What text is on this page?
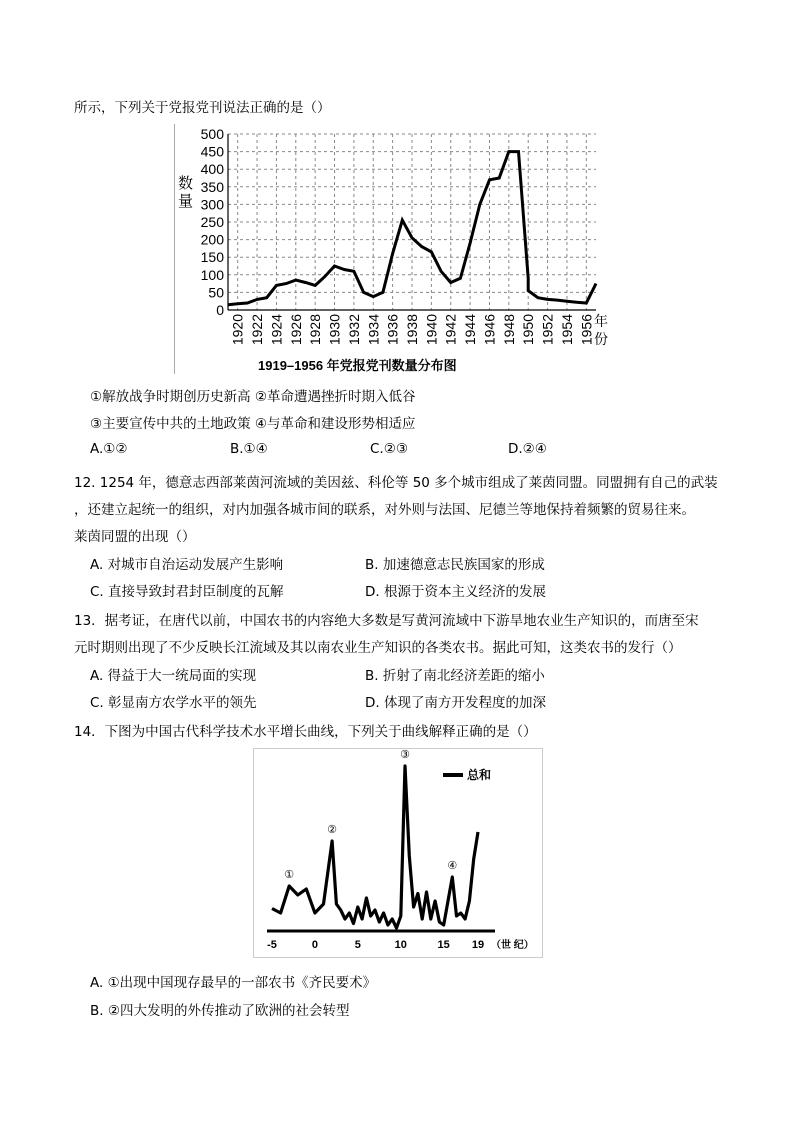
所示，下列关于党报党刊说法正确的是（）
0
50
100
150
200
250
300
350
400
450
500
1920 1922 1924 1926 1928 1930 1932 1934 1936 1938 1940 1942 1944 1946 1948 1950 1952 1954 1956
数
量
年
份
1919–1956 年党报党刊数量分布图
①解放战争时期创历史新高 ②革命遭遇挫折时期入低谷
③主要宣传中共的土地政策 ④与革命和建设形势相适应
A.①②	B.①④	C.②③	D.②④
12. 1254 年，德意志西部莱茵河流域的美因兹、科伦等 50 多个城市组成了莱茵同盟。同盟拥有自己的武装
，还建立起统一的组织，对内加强各城市间的联系，对外则与法国、尼德兰等地保持着频繁的贸易往来。
莱茵同盟的出现（）
A. 对城市自治运动发展产生影响	B. 加速德意志民族国家的形成
C. 直接导致封君封臣制度的瓦解	D. 根源于资本主义经济的发展
13．据考证，在唐代以前，中国农书的内容绝大多数是写黄河流域中下游旱地农业生产知识的，而唐至宋
元时期则出现了不少反映长江流域及其以南农业生产知识的各类农书。据此可知，这类农书的发行（）
A. 得益于大一统局面的实现	B. 折射了南北经济差距的缩小
C. 彰显南方农学水平的领先	D. 体现了南方开发程度的加深
14．下图为中国古代科学技术水平增长曲线，下列关于曲线解释正确的是（）
-5	0	5	10	15 19 （世 纪）
总和
①
②
③
④
A. ①出现中国现存最早的一部农书《齐民要术》
B. ②四大发明的外传推动了欧洲的社会转型
